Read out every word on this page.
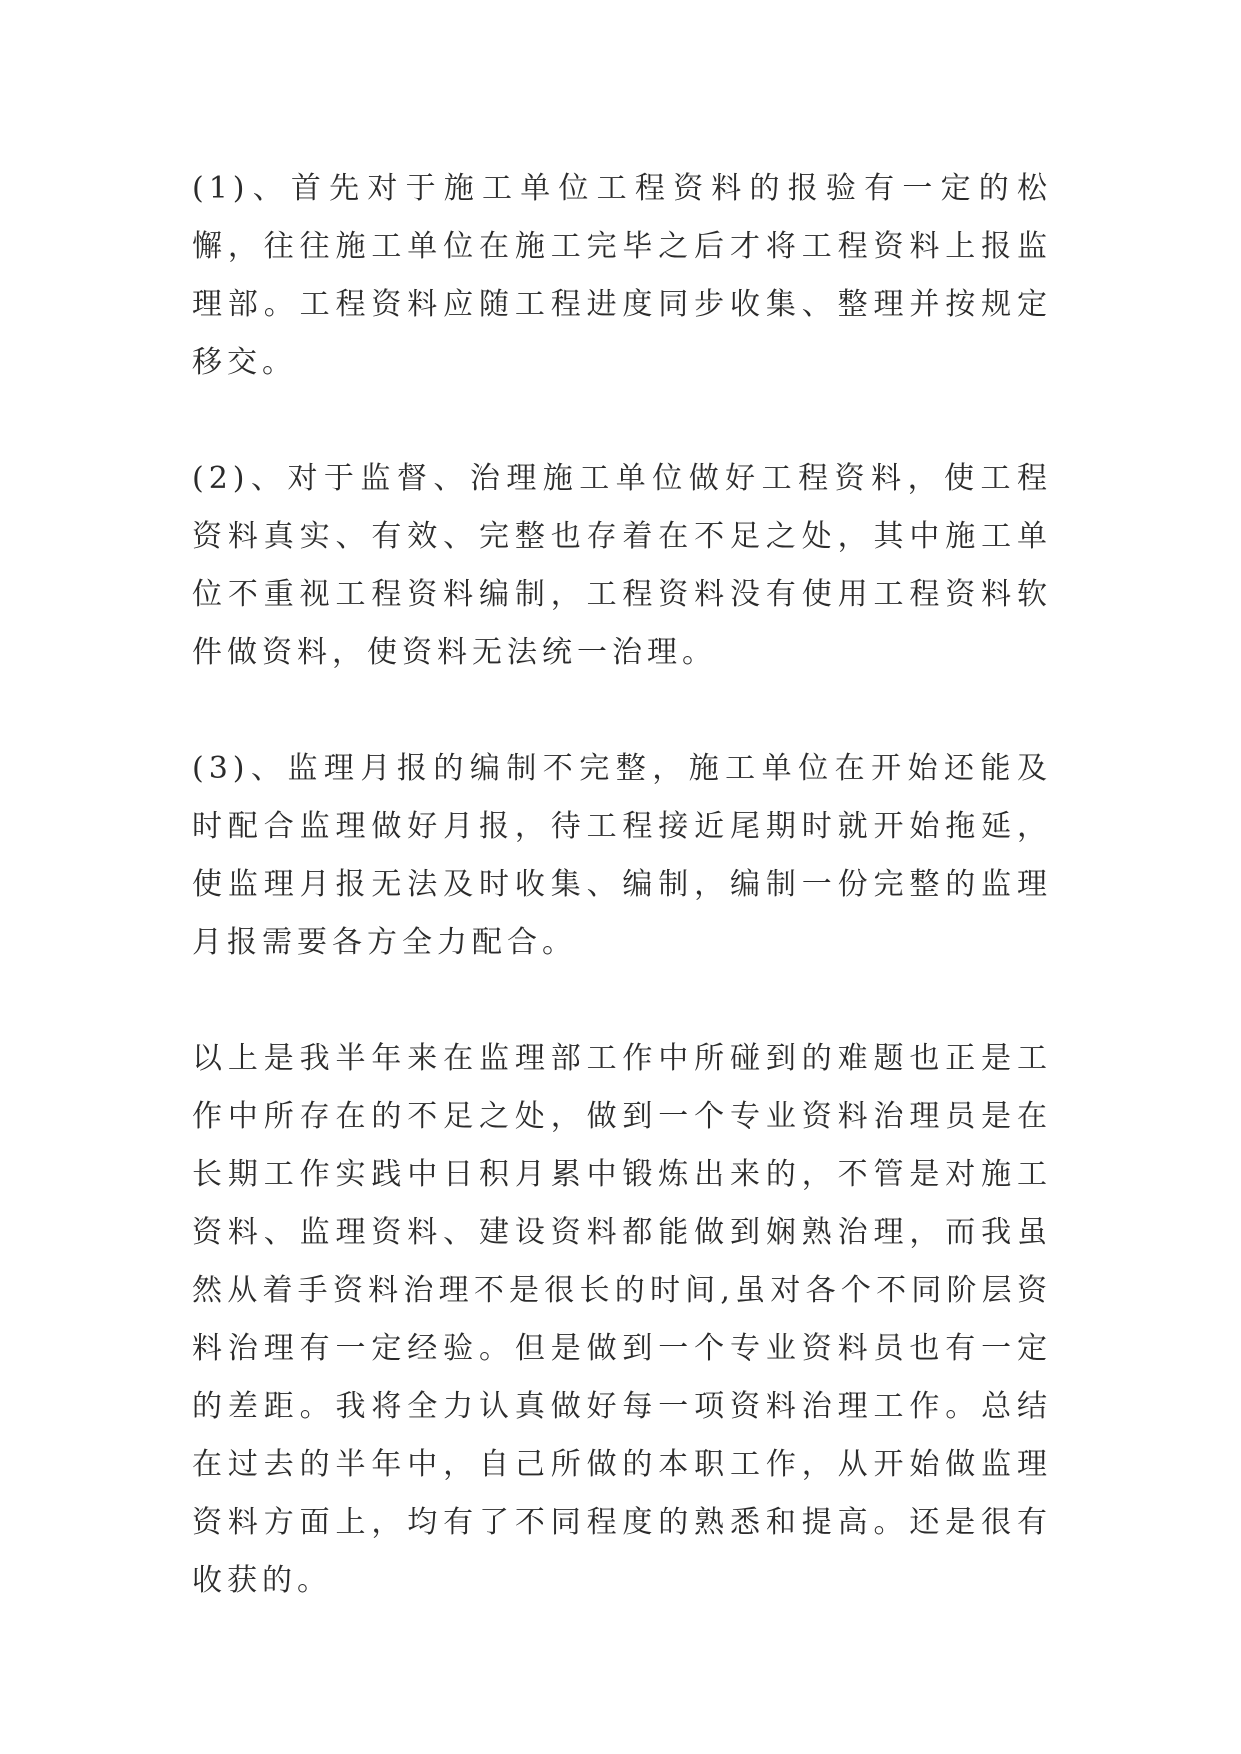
(1)、首先对于施工单位工程资料的报验有一定的松懈，往往施工单位在施工完毕之后才将工程资料上报监理部。工程资料应随工程进度同步收集、整理并按规定移交。

(2)、对于监督、治理施工单位做好工程资料，使工程资料真实、有效、完整也存着在不足之处，其中施工单位不重视工程资料编制，工程资料没有使用工程资料软件做资料，使资料无法统一治理。

(3)、监理月报的编制不完整，施工单位在开始还能及时配合监理做好月报，待工程接近尾期时就开始拖延，使监理月报无法及时收集、编制，编制一份完整的监理月报需要各方全力配合。

以上是我半年来在监理部工作中所碰到的难题也正是工作中所存在的不足之处，做到一个专业资料治理员是在长期工作实践中日积月累中锻炼出来的，不管是对施工资料、监理资料、建设资料都能做到娴熟治理，而我虽然从着手资料治理不是很长的时间,虽对各个不同阶层资料治理有一定经验。但是做到一个专业资料员也有一定的差距。我将全力认真做好每一项资料治理工作。总结在过去的半年中，自己所做的本职工作，从开始做监理资料方面上，均有了不同程度的熟悉和提高。还是很有收获的。
